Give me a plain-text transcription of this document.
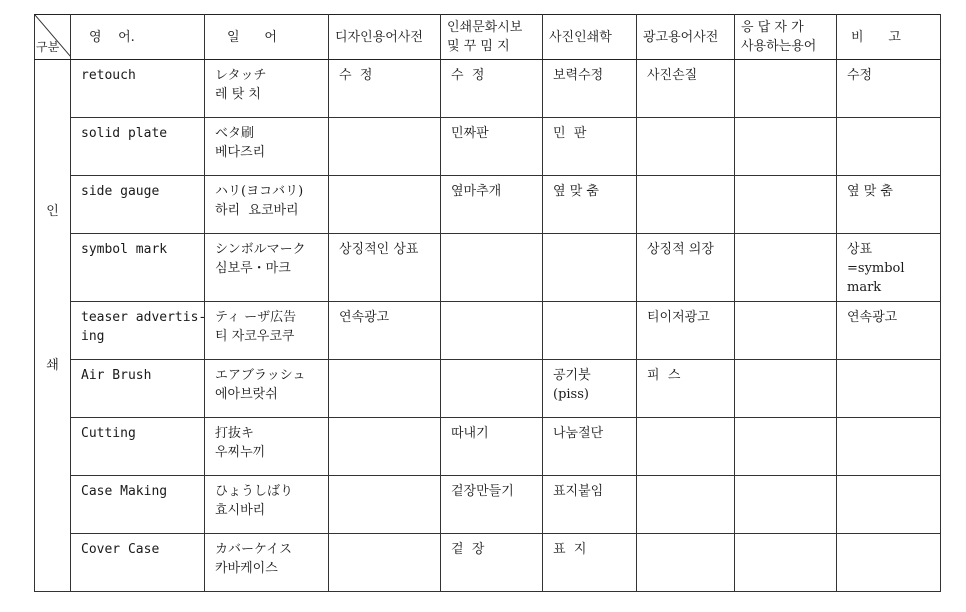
구분	영    어.	일      어	디자인용어사전	인쇄문화시보
및 꾸 밈 지	사진인쇄학	광고용어사전	응 답 자 가
사용하는용어	비      고

인
쇄	retouch	レタッチ
레 탓 치	수  정	수  정	보력수정	사진손질		수정

	solid plate	ベタ刷
베다즈리		민짜판	민  판			

	side gauge	ハリ(ヨコバリ)
하리  요코바리		옆마추개	옆 맞 춤			옆 맞 춤

	symbol mark	シンボルマーク
심보루・마크	상징적인 상표			상징적 의장		상표
=symbol
mark

	teaser advertis-
ing	ティ ーザ広告
티 자코우코쿠	연속광고			티이저광고		연속광고

	Air Brush	エアブラッシュ
에아브랏쉬			공기붓
(piss)	피  스		

	Cutting	打抜キ
우찌누끼		따내기	나눔절단			

	Case Making	ひょうしばり
효시바리		겉장만들기	표지붙임			

	Cover Case	カバーケイス
카바케이스		겉  장	표  지			
